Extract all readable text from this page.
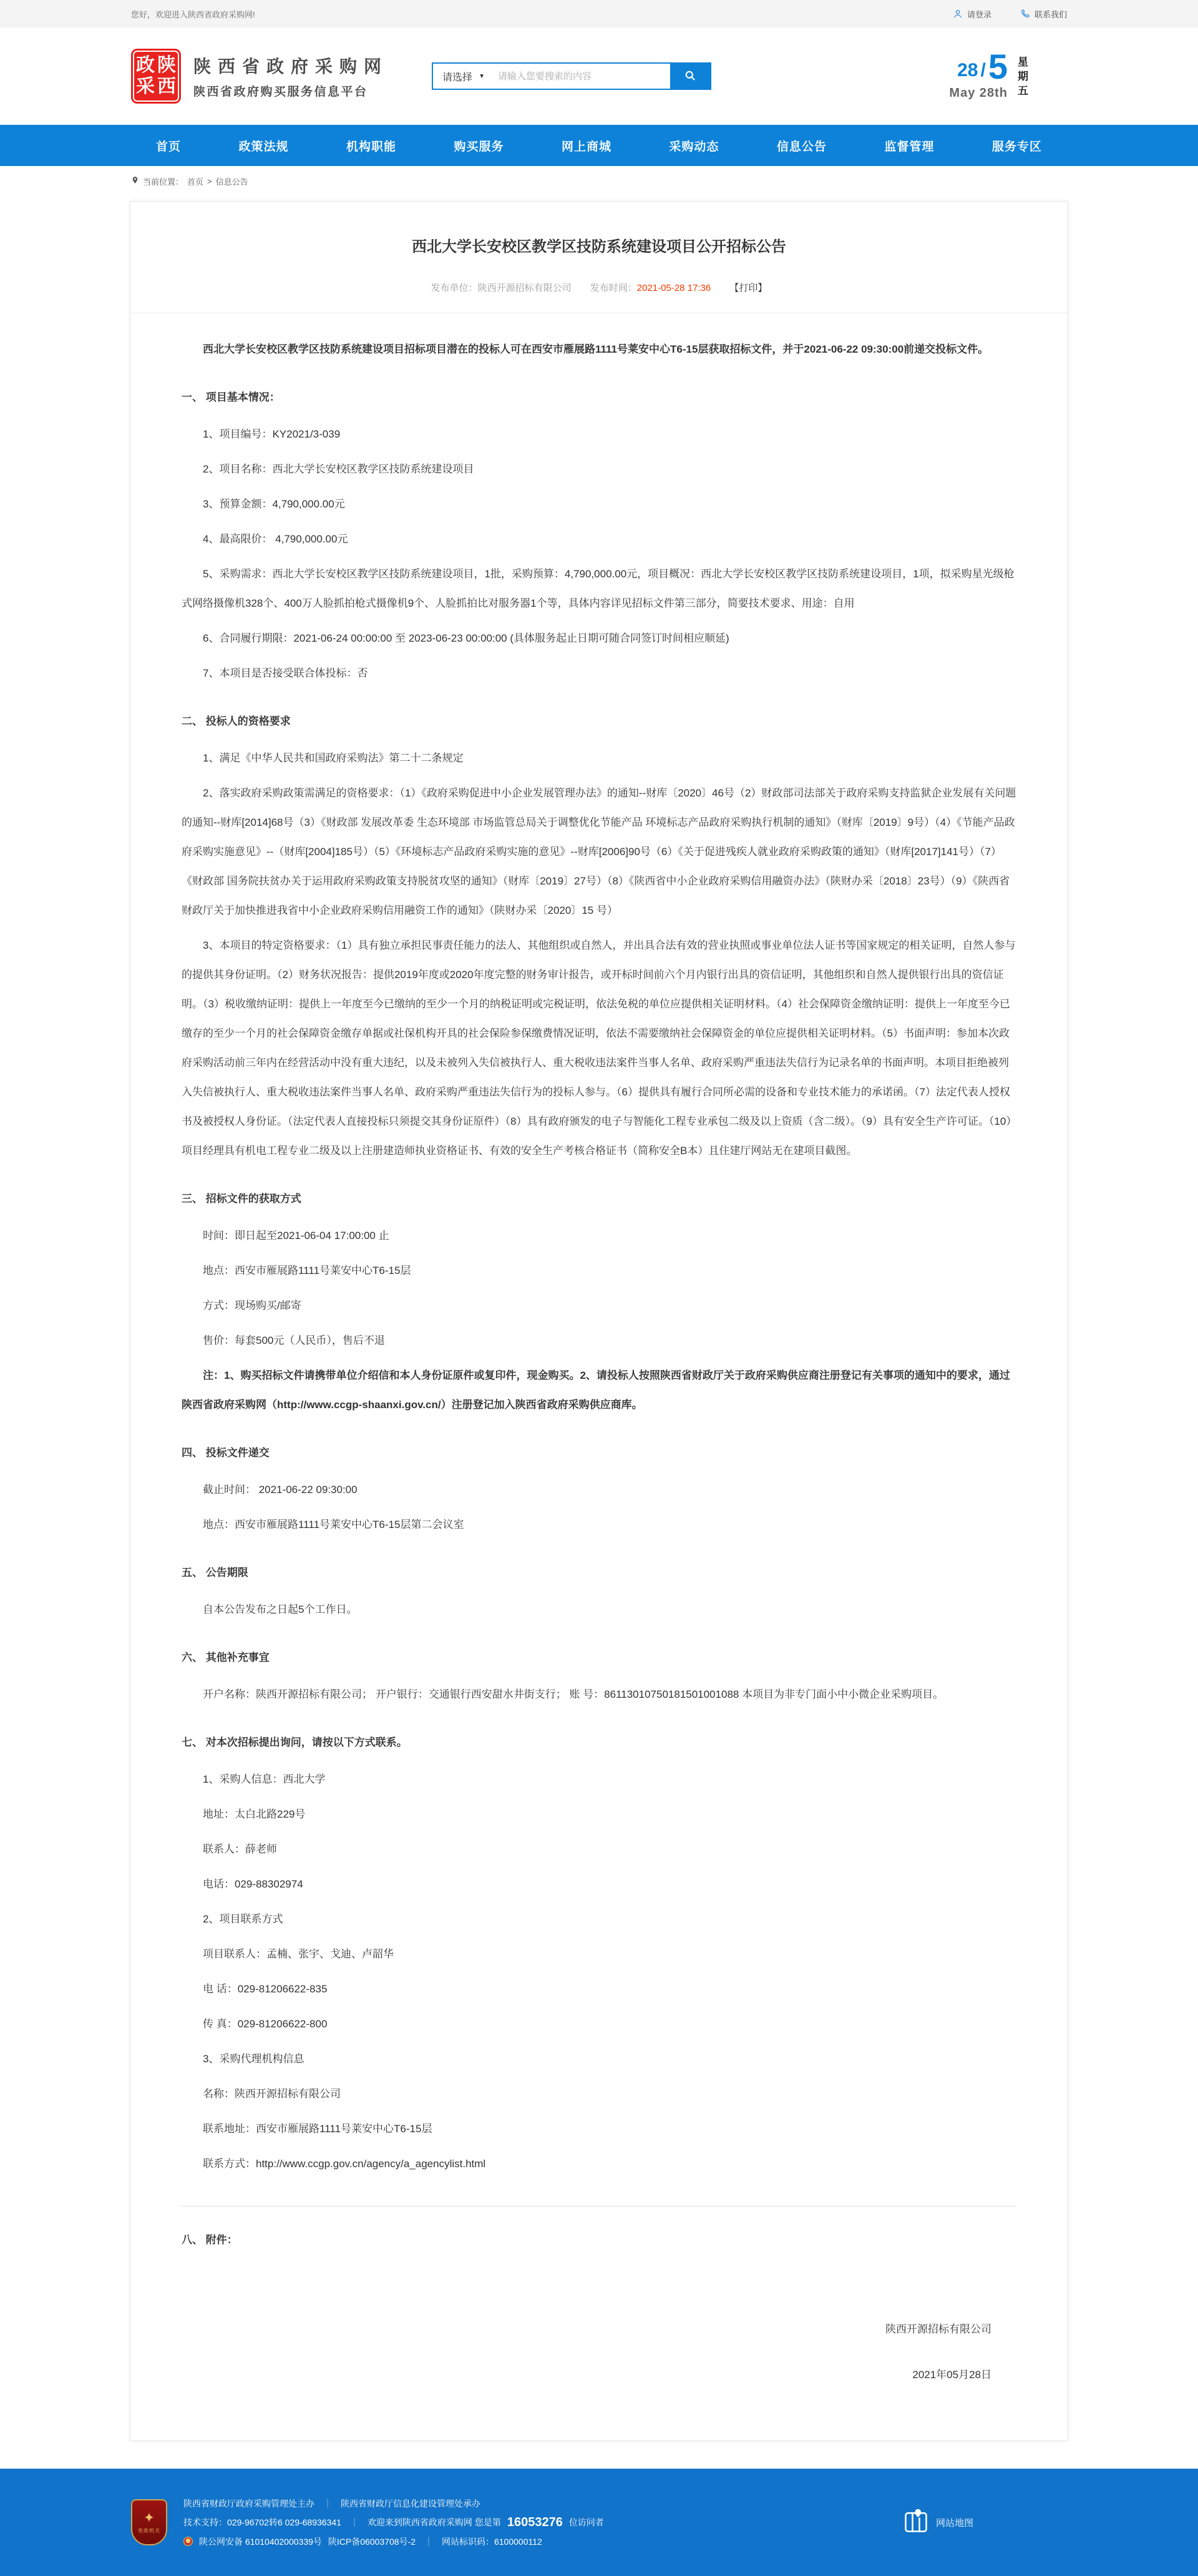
您好，欢迎进入陕西省政府采购网!	请登录	联系我们
政 陕
采 西
陕西省政府采购网
陕西省政府购买服务信息平台
请选择 ▼
请输入您要搜索的内容	28 / 5
May 28th
星
期
五
首页	政策法规	机构职能	购买服务	网上商城	采购动态	信息公告	监督管理	服务专区
当前位置： 首页 > 信息公告
西北大学长安校区教学区技防系统建设项目公开招标公告
发布单位：陕西开源招标有限公司 发布时间：2021-05-28 17:36 【打印】

西北大学长安校区教学区技防系统建设项目招标项目潜在的投标人可在西安市雁展路1111号莱安中心T6-15层获取招标文件，并于2021-06-22 09:30:00前递交投标文件。

一、 项目基本情况：

1、项目编号：KY2021/3-039

2、项目名称：西北大学长安校区教学区技防系统建设项目

3、预算金额：4,790,000.00元

4、最高限价： 4,790,000.00元

5、采购需求：西北大学长安校区教学区技防系统建设项目，1批，采购预算：4,790,000.00元，项目概况：西北大学长安校区教学区技防系统建设项目，1项，拟采购星光级枪式网络摄像机328个、400万人脸抓拍枪式摄像机9个、人脸抓拍比对服务器1个等，具体内容详见招标文件第三部分，简要技术要求、用途：自用

6、合同履行期限：2021-06-24 00:00:00 至 2023-06-23 00:00:00 (具体服务起止日期可随合同签订时间相应顺延)

7、本项目是否接受联合体投标：否

二、 投标人的资格要求

1、满足《中华人民共和国政府采购法》第二十二条规定

2、落实政府采购政策需满足的资格要求：（1）《政府采购促进中小企业发展管理办法》的通知--财库〔2020〕46号（2）财政部司法部关于政府采购支持监狱企业发展有关问题的通知--财库[2014]68号（3）《财政部 发展改革委 生态环境部 市场监管总局关于调整优化节能产品 环境标志产品政府采购执行机制的通知》（财库〔2019〕9号）（4）《节能产品政府采购实施意见》--（财库[2004]185号）（5）《环境标志产品政府采购实施的意见》--财库[2006]90号（6）《关于促进残疾人就业政府采购政策的通知》（财库[2017]141号）（7）《财政部 国务院扶贫办关于运用政府采购政策支持脱贫攻坚的通知》（财库〔2019〕27号）（8）《陕西省中小企业政府采购信用融资办法》（陕财办采〔2018〕23号）（9）《陕西省财政厅关于加快推进我省中小企业政府采购信用融资工作的通知》（陕财办采〔2020〕15 号）

3、本项目的特定资格要求：（1）具有独立承担民事责任能力的法人、其他组织或自然人，并出具合法有效的营业执照或事业单位法人证书等国家规定的相关证明，自然人参与的提供其身份证明。（2）财务状况报告：提供2019年度或2020年度完整的财务审计报告，或开标时间前六个月内银行出具的资信证明，其他组织和自然人提供银行出具的资信证明。（3）税收缴纳证明：提供上一年度至今已缴纳的至少一个月的纳税证明或完税证明，依法免税的单位应提供相关证明材料。（4）社会保障资金缴纳证明：提供上一年度至今已缴存的至少一个月的社会保障资金缴存单据或社保机构开具的社会保险参保缴费情况证明，依法不需要缴纳社会保障资金的单位应提供相关证明材料。（5）书面声明：参加本次政府采购活动前三年内在经营活动中没有重大违纪，以及未被列入失信被执行人、重大税收违法案件当事人名单、政府采购严重违法失信行为记录名单的书面声明。本项目拒绝被列入失信被执行人、重大税收违法案件当事人名单、政府采购严重违法失信行为的投标人参与。（6）提供具有履行合同所必需的设备和专业技术能力的承诺函。（7）法定代表人授权书及被授权人身份证。（法定代表人直接投标只须提交其身份证原件）（8）具有政府颁发的电子与智能化工程专业承包二级及以上资质（含二级）。（9）具有安全生产许可证。（10）项目经理具有机电工程专业二级及以上注册建造师执业资格证书、有效的安全生产考核合格证书（简称安全B本）且住建厅网站无在建项目截图。

三、 招标文件的获取方式

时间：即日起至2021-06-04 17:00:00 止

地点：西安市雁展路1111号莱安中心T6-15层

方式：现场购买/邮寄

售价：每套500元（人民币），售后不退

注：1、购买招标文件请携带单位介绍信和本人身份证原件或复印件，现金购买。2、请投标人按照陕西省财政厅关于政府采购供应商注册登记有关事项的通知中的要求，通过陕西省政府采购网（http://www.ccgp-shaanxi.gov.cn/）注册登记加入陕西省政府采购供应商库。

四、 投标文件递交

截止时间： 2021-06-22 09:30:00

地点：西安市雁展路1111号莱安中心T6-15层第二会议室

五、 公告期限

自本公告发布之日起5个工作日。

六、 其他补充事宜

开户名称：陕西开源招标有限公司； 开户银行：交通银行西安甜水井街支行； 账 号：86113010750181501001088 本项目为非专门面小中小微企业采购项目。

七、 对本次招标提出询问，请按以下方式联系。

1、采购人信息：西北大学

地址：太白北路229号

联系人：薛老师

电话：029-88302974

2、项目联系方式

项目联系人：孟楠、张宇、戈迪、卢韶华

电 话：029-81206622-835

传 真：029-81206622-800

3、采购代理机构信息

名称：陕西开源招标有限公司

联系地址：西安市雁展路1111号莱安中心T6-15层

联系方式：http://www.ccgp.gov.cn/agency/a_agencylist.html

八、 附件：

陕西开源招标有限公司

2021年05月28日

✦
党政机关
陕西省财政厅政府采购管理处主办 ｜ 陕西省财政厅信息化建设管理处承办
技术支持：029-96702转6 029-68936341 ｜ 欢迎来到陕西省政府采购网 您是第 16053276 位访问者
陕公网安备 61010402000339号 陕ICP备06003708号-2 ｜ 网站标识码：6100000112
网站地图
